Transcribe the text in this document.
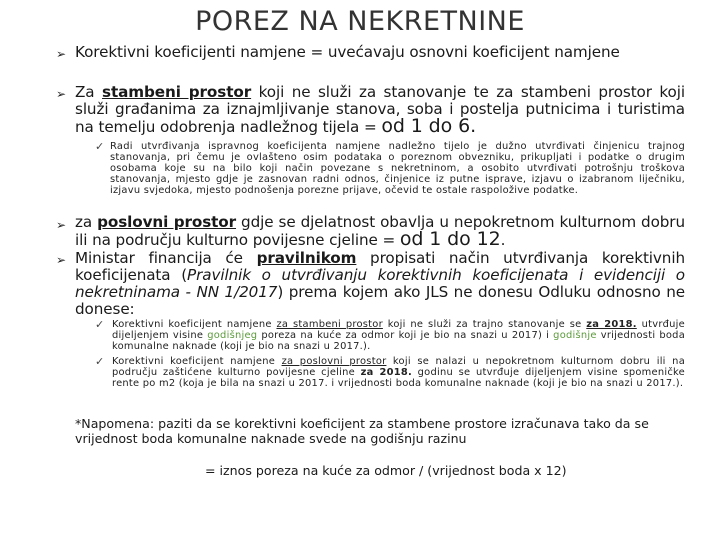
POREZ NA NEKRETNINE
➢ Korektivni koeficijenti namjene = uvećavaju osnovni koeficijent namjene
➢ Za stambeni prostor koji ne služi za stanovanje te za stambeni prostor koji služi građanima za iznajmljivanje stanova, soba i postelja putnicima i turistima na temelju odobrenja nadležnog tijela = od 1 do 6.
✓ Radi utvrđivanja ispravnog koeficijenta namjene nadležno tijelo je dužno utvrđivati činjenicu trajnog stanovanja, pri čemu je ovlašteno osim podataka o poreznom obvezniku, prikupljati i podatke o drugim osobama koje su na bilo koji način povezane s nekretninom, a osobito utvrđivati potrošnju troškova stanovanja, mjesto gdje je zasnovan radni odnos, činjenice iz putne isprave, izjavu o izabranom liječniku, izjavu svjedoka, mjesto podnošenja porezne prijave, očevid te ostale raspoložive podatke.
➢ za poslovni prostor gdje se djelatnost obavlja u nepokretnom kulturnom dobru ili na području kulturno povijesne cjeline = od 1 do 12.
➢ Ministar financija će pravilnikom propisati način utvrđivanja korektivnih koeficijenata (Pravilnik o utvrđivanju korektivnih koeficijenata i evidenciji o nekretninama - NN 1/2017) prema kojem ako JLS ne donesu Odluku odnosno ne donese:
✓ Korektivni koeficijent namjene za stambeni prostor koji ne služi za trajno stanovanje se za 2018. utvrđuje dijeljenjem visine godišnjeg poreza na kuće za odmor koji je bio na snazi u 2017) i godišnje vrijednosti boda komunalne naknade (koji je bio na snazi u 2017.).
✓ Korektivni koeficijent namjene za poslovni prostor koji se nalazi u nepokretnom kulturnom dobru ili na području zaštićene kulturno povijesne cjeline za 2018. godinu se utvrđuje dijeljenjem visine spomeničke rente po m2 (koja je bila na snazi u 2017. i vrijednosti boda komunalne naknade (koji je bio na snazi u 2017.).
*Napomena: paziti da se korektivni koeficijent za stambene prostore izračunava tako da se vrijednost boda komunalne naknade svede na godišnju razinu
= iznos poreza na kuće za odmor / (vrijednost boda x 12)
